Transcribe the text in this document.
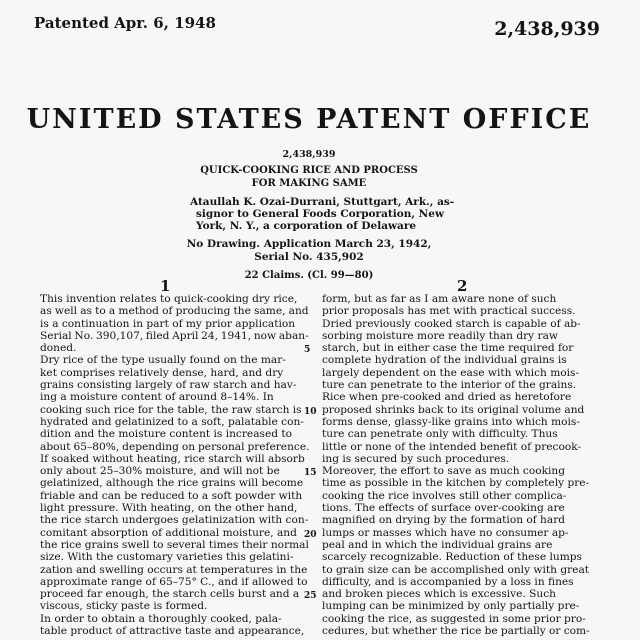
Patented Apr. 6, 1948	2,438,939
UNITED STATES PATENT OFFICE
2,438,939
QUICK-COOKING RICE AND PROCESS
FOR MAKING SAME
Ataullah K. Ozai-Durrani, Stuttgart, Ark., as-
signor to General Foods Corporation, New
York, N. Y., a corporation of Delaware
No Drawing. Application March 23, 1942,
Serial No. 435,902
22 Claims. (Cl. 99—80)
1	2
This invention relates to quick-cooking dry rice,
as well as to a method of producing the same, and
is a continuation in part of my prior application
Serial No. 390,107, filed April 24, 1941, now aban-
doned.
Dry rice of the type usually found on the mar-
ket comprises relatively dense, hard, and dry
grains consisting largely of raw starch and hav-
ing a moisture content of around 8–14%. In
cooking such rice for the table, the raw starch is
hydrated and gelatinized to a soft, palatable con-
dition and the moisture content is increased to
about 65–80%, depending on personal preference.
If soaked without heating, rice starch will absorb
only about 25–30% moisture, and will not be
gelatinized, although the rice grains will become
friable and can be reduced to a soft powder with
light pressure. With heating, on the other hand,
the rice starch undergoes gelatinization with con-
comitant absorption of additional moisture, and
the rice grains swell to several times their normal
size. With the customary varieties this gelatini-
zation and swelling occurs at temperatures in the
approximate range of 65–75° C., and if allowed to
proceed far enough, the starch cells burst and a
viscous, sticky paste is formed.
In order to obtain a thoroughly cooked, pala-
table product of attractive taste and appearance,
form, but as far as I am aware none of such
prior proposals has met with practical success.
Dried previously cooked starch is capable of ab-
sorbing moisture more readily than dry raw
starch, but in either case the time required for
complete hydration of the individual grains is
largely dependent on the ease with which mois-
ture can penetrate to the interior of the grains.
Rice when pre-cooked and dried as heretofore
proposed shrinks back to its original volume and
forms dense, glassy-like grains into which mois-
ture can penetrate only with difficulty. Thus
little or none of the intended benefit of precook-
ing is secured by such procedures.
Moreover, the effort to save as much cooking
time as possible in the kitchen by completely pre-
cooking the rice involves still other complica-
tions. The effects of surface over-cooking are
magnified on drying by the formation of hard
lumps or masses which have no consumer ap-
peal and in which the individual grains are
scarcely recognizable. Reduction of these lumps
to grain size can be accomplished only with great
difficulty, and is accompanied by a loss in fines
and broken pieces which is excessive. Such
lumping can be minimized by only partially pre-
cooking the rice, as suggested in some prior pro-
cedures, but whether the rice be partially or com-
5
10
15
20
25
